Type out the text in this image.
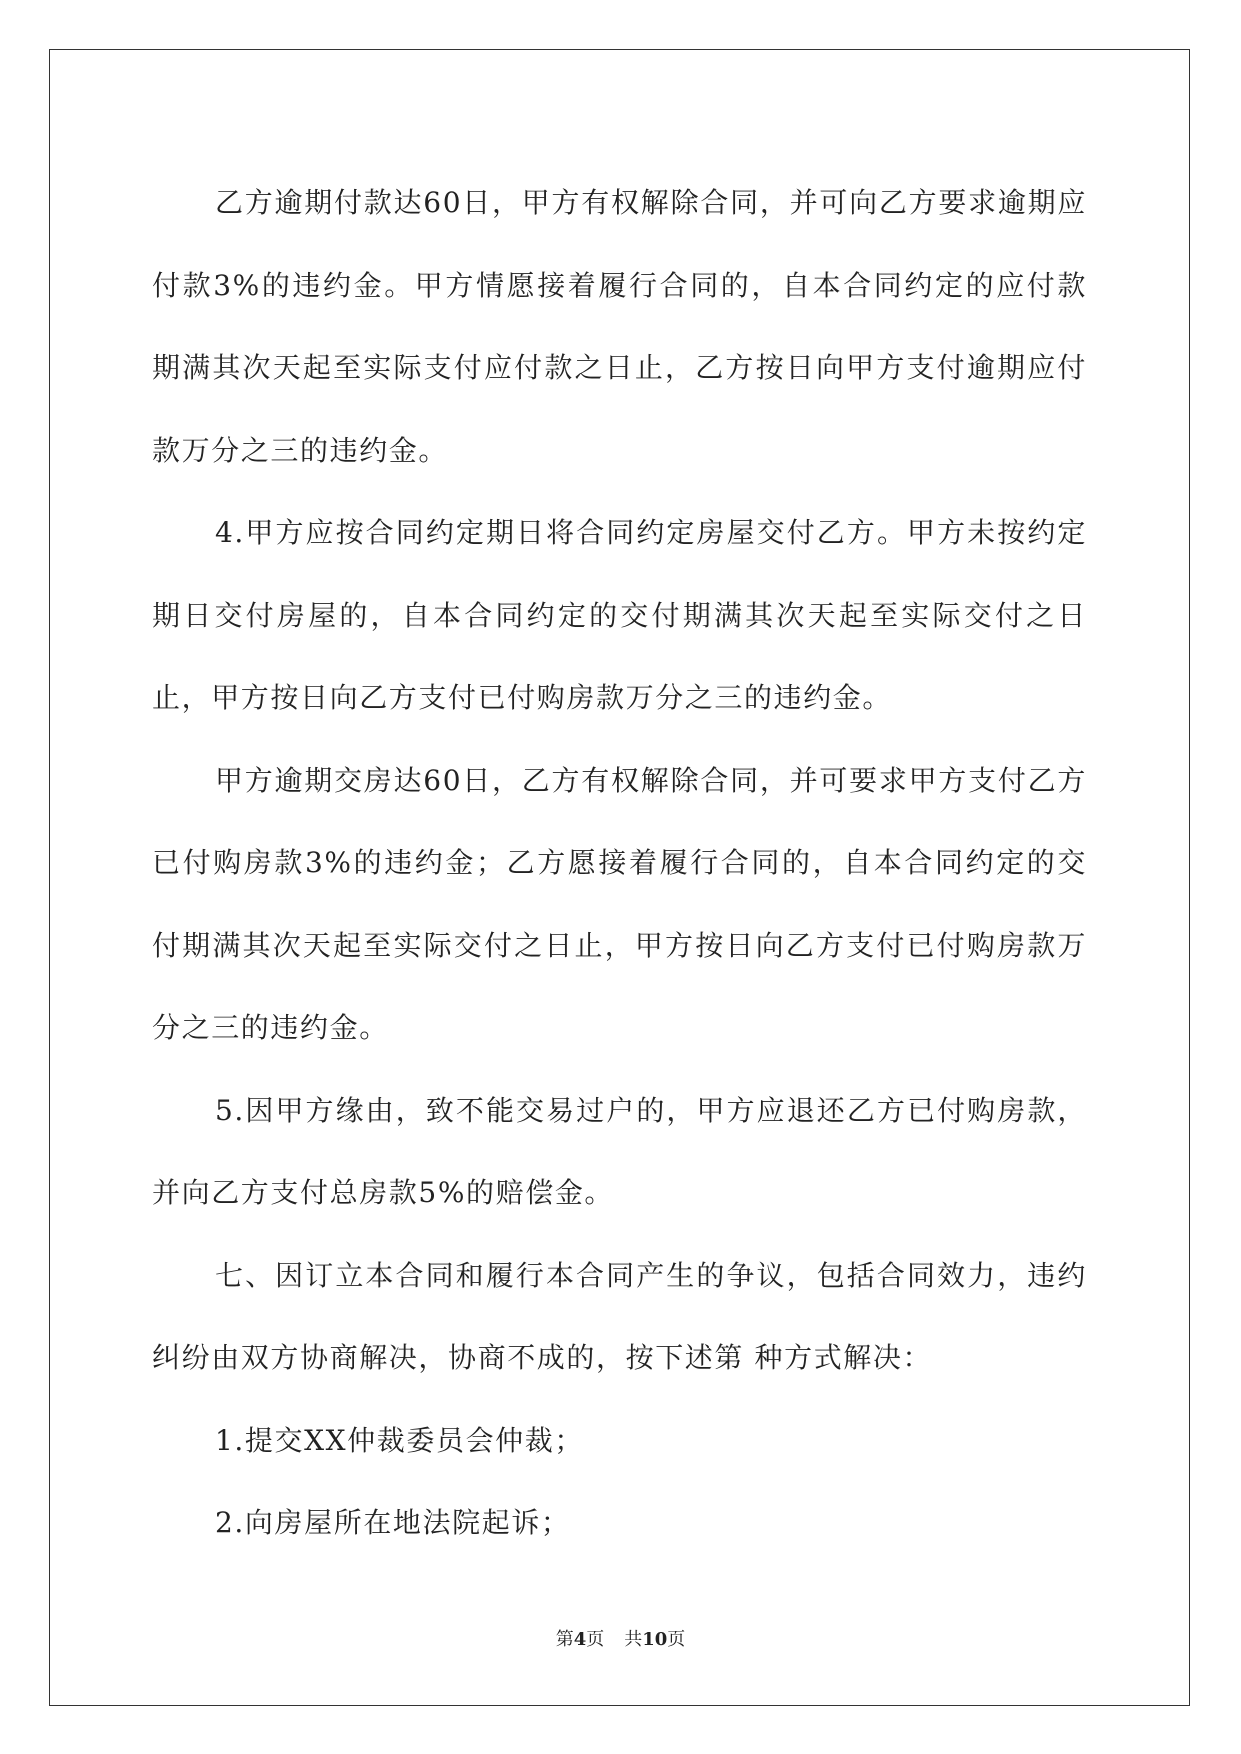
乙方逾期付款达60日，甲方有权解除合同，并可向乙方要求逾期应付款3%的违约金。甲方情愿接着履行合同的，自本合同约定的应付款期满其次天起至实际支付应付款之日止，乙方按日向甲方支付逾期应付款万分之三的违约金。

4.甲方应按合同约定期日将合同约定房屋交付乙方。甲方未按约定期日交付房屋的，自本合同约定的交付期满其次天起至实际交付之日止，甲方按日向乙方支付已付购房款万分之三的违约金。

甲方逾期交房达60日，乙方有权解除合同，并可要求甲方支付乙方已付购房款3%的违约金；乙方愿接着履行合同的，自本合同约定的交付期满其次天起至实际交付之日止，甲方按日向乙方支付已付购房款万分之三的违约金。

5.因甲方缘由，致不能交易过户的，甲方应退还乙方已付购房款，并向乙方支付总房款5%的赔偿金。

七、因订立本合同和履行本合同产生的争议，包括合同效力，违约纠纷由双方协商解决，协商不成的，按下述第 种方式解决：

1.提交XX仲裁委员会仲裁；

2.向房屋所在地法院起诉；

第4页 共10页
